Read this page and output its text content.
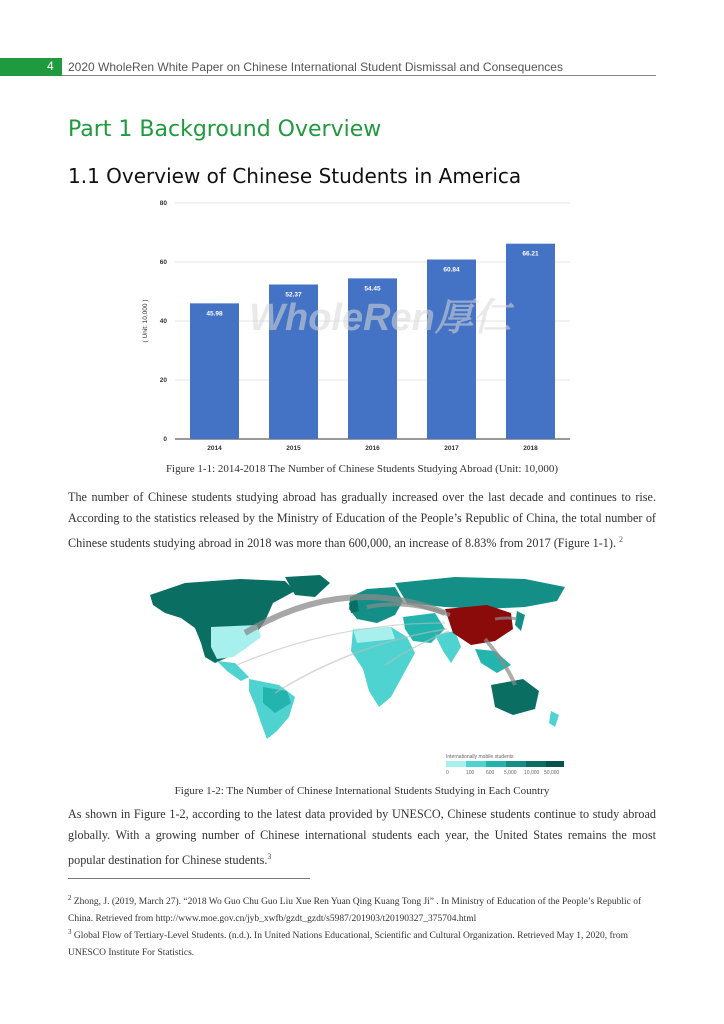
4 2020 WholeRen White Paper on Chinese International Student Dismissal and Consequences
Part 1 Background Overview
1.1 Overview of Chinese Students in America
0
20
40
60
80
( Unit: 10,000 )	45.98
2014
52.37
2015
54.45
2016
60.84
2017
66.21
2018
WholeRen厚仁
Figure 1-1: 2014-2018 The Number of Chinese Students Studying Abroad (Unit: 10,000)

The number of Chinese students studying abroad has gradually increased over the last decade and continues to rise. According to the statistics released by the Ministry of Education of the People’s Republic of China, the total number of Chinese students studying abroad in 2018 was more than 600,000, an increase of 8.83% from 2017 (Figure 1-1). $^2$

Internationally mobile students
0	100 600 5,000 10,000 50,000
Figure 1-2: The Number of Chinese International Students Studying in Each Country

As shown in Figure 1-2, according to the latest data provided by UNESCO, Chinese students continue to study abroad globally. With a growing number of Chinese international students each year, the United States remains the most popular destination for Chinese students.$^3$

$^2$ Zhong, J. (2019, March 27). “2018 Wo Guo Chu Guo Liu Xue Ren Yuan Qing Kuang Tong Ji” . In Ministry of Education of the People’s Republic of China. Retrieved from http://www.moe.gov.cn/jyb_xwfb/gzdt_gzdt/s5987/201903/t20190327_375704.html

$^3$ Global Flow of Tertiary-Level Students. (n.d.). In United Nations Educational, Scientific and Cultural Organization. Retrieved May 1, 2020, from UNESCO Institute For Statistics.
